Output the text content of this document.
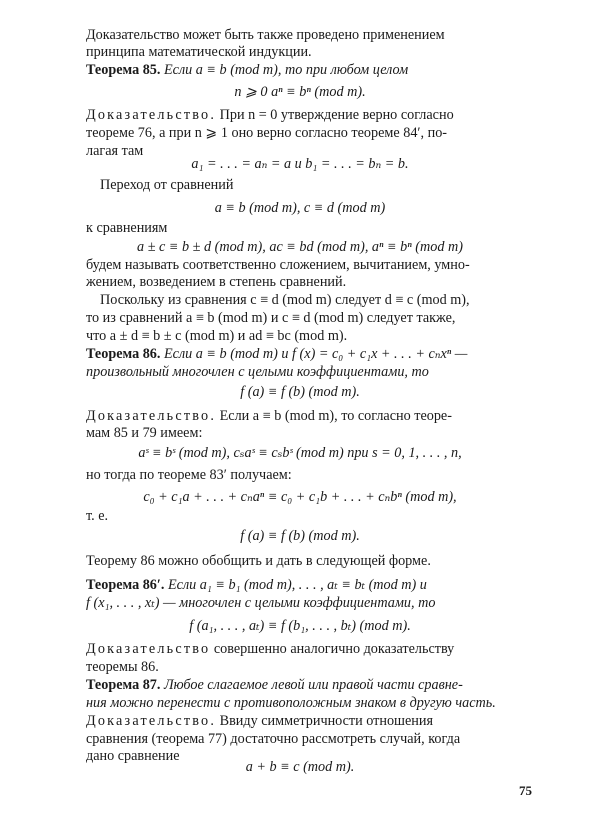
Доказательство может быть также проведено применением
принципа математической индукции.
Теорема 85. Если a ≡ b (mod m), то при любом целом
n ⩾ 0 aⁿ ≡ bⁿ (mod m).
Доказательство. При n = 0 утверждение верно согласно
теореме 76, а при n ⩾ 1 оно верно согласно теореме 84′, по-
лагая там
a₁ = . . . = aₙ = a и b₁ = . . . = bₙ = b.
Переход от сравнений
a ≡ b (mod m), c ≡ d (mod m)
к сравнениям
a ± c ≡ b ± d (mod m), ac ≡ bd (mod m), aⁿ ≡ bⁿ (mod m)
будем называть соответственно сложением, вычитанием, умно-
жением, возведением в степень сравнений.
Поскольку из сравнения c ≡ d (mod m) следует d ≡ c (mod m),
то из сравнений a ≡ b (mod m) и c ≡ d (mod m) следует также,
что a ± d ≡ b ± c (mod m) и ad ≡ bc (mod m).
Теорема 86. Если a ≡ b (mod m) и f (x) = c₀ + c₁x + . . . + cₙxⁿ —
произвольный многочлен с целыми коэффициентами, то
f (a) ≡ f (b) (mod m).
Доказательство. Если a ≡ b (mod m), то согласно теоре-
мам 85 и 79 имеем:
aˢ ≡ bˢ (mod m), cₛaˢ ≡ cₛbˢ (mod m) при s = 0, 1, . . . , n,
но тогда по теореме 83′ получаем:
c₀ + c₁a + . . . + cₙaⁿ ≡ c₀ + c₁b + . . . + cₙbⁿ (mod m),
т. е.
f (a) ≡ f (b) (mod m).
Теорему 86 можно обобщить и дать в следующей форме.
Теорема 86′. Если a₁ ≡ b₁ (mod m), . . . , aₜ ≡ bₜ (mod m) и
f (x₁, . . . , xₜ) — многочлен с целыми коэффициентами, то
f (a₁, . . . , aₜ) ≡ f (b₁, . . . , bₜ) (mod m).
Доказательство совершенно аналогично доказательству
теоремы 86.
Теорема 87. Любое слагаемое левой или правой части сравне-
ния можно перенести с противоположным знаком в другую часть.
Доказательство. Ввиду симметричности отношения
сравнения (теорема 77) достаточно рассмотреть случай, когда
дано сравнение
a + b ≡ c (mod m).
75
